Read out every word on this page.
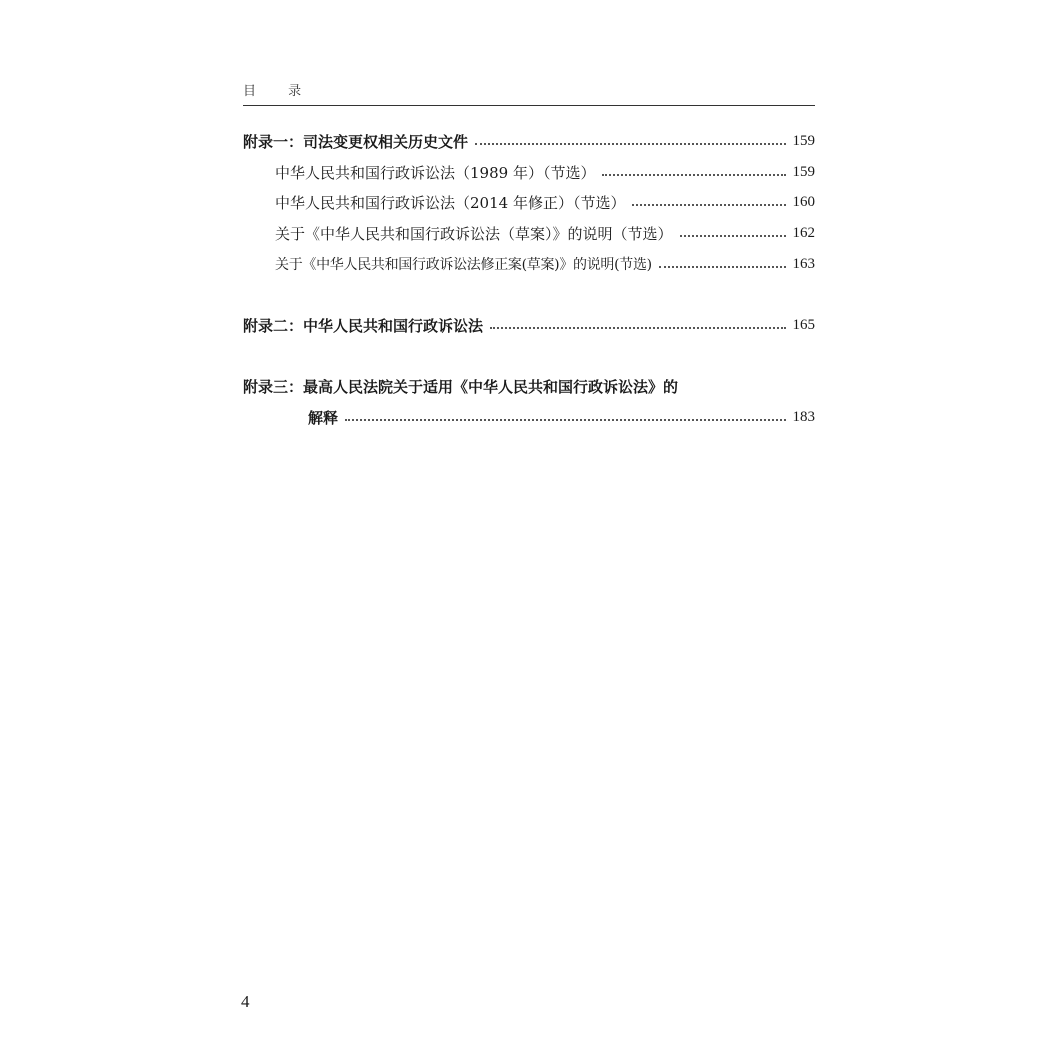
目 录
附录一：司法变更权相关历史文件	159
中华人民共和国行政诉讼法（1989 年）（节选）	159
中华人民共和国行政诉讼法（2014 年修正）（节选）	160
关于《中华人民共和国行政诉讼法（草案）》的说明（节选）	162
关于《中华人民共和国行政诉讼法修正案(草案)》的说明(节选)	163
附录二：中华人民共和国行政诉讼法	165
附录三：最高人民法院关于适用《中华人民共和国行政诉讼法》的
解释	183
4
